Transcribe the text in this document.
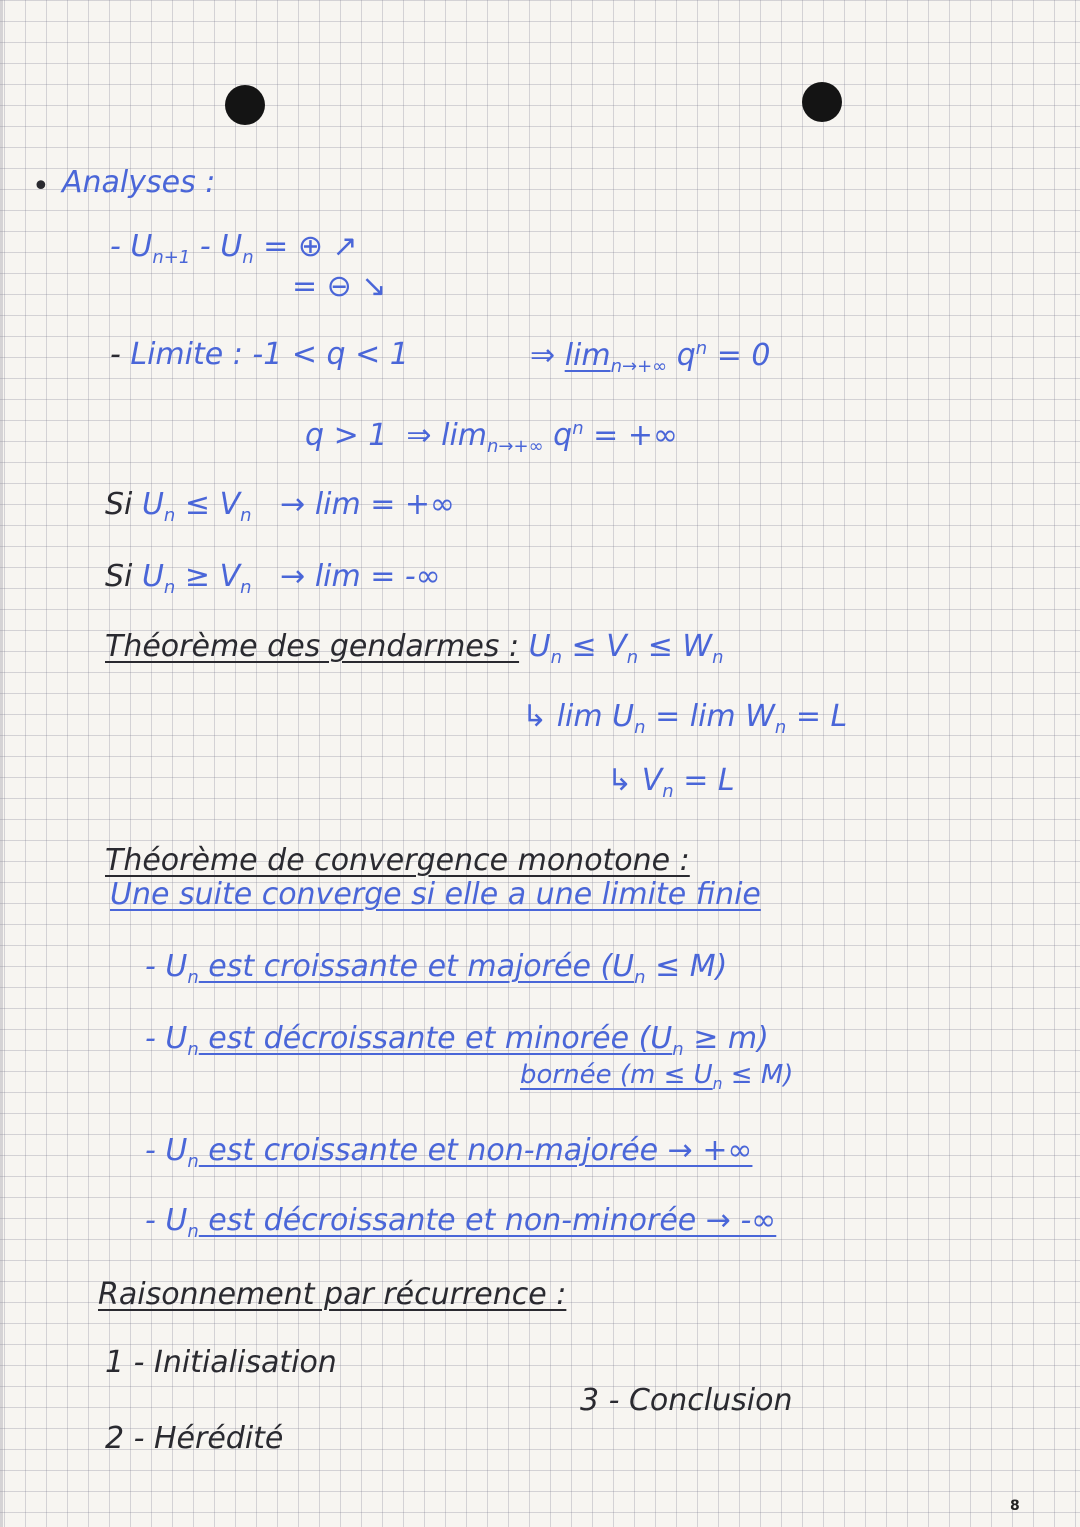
• Analyses :
- $U_{n+1} - U_n$ = ⊕ ↗
= ⊖ ↘
- Limite : -1 < q < 1	⇒ $\lim_{n\to+\infty} q^n = 0$
q > 1 ⇒ $\lim_{n\to+\infty} q^n$ = +∞
Si $U_n \le V_n \to \lim$ = +∞
Si $U_n \ge V_n \to \lim$ = -∞
Théorème des gendarmes : $U_n \le V_n \le W_n$
↳ $\lim U_n = \lim W_n = L$
↳ $V_n = L$
Théorème de convergence monotone :
Une suite converge si elle a une limite finie
- $U_n$ est croissante et majorée $(U_n \le M)$
- $U_n$ est décroissante et minorée $(U_n \ge m)$
bornée $(m \le U_n \le M)$
- $U_n$ est croissante et non-majorée → +∞
- $U_n$ est décroissante et non-minorée → -∞
Raisonnement par récurrence :
1 - Initialisation
3 - Conclusion
2 - Hérédité
8
